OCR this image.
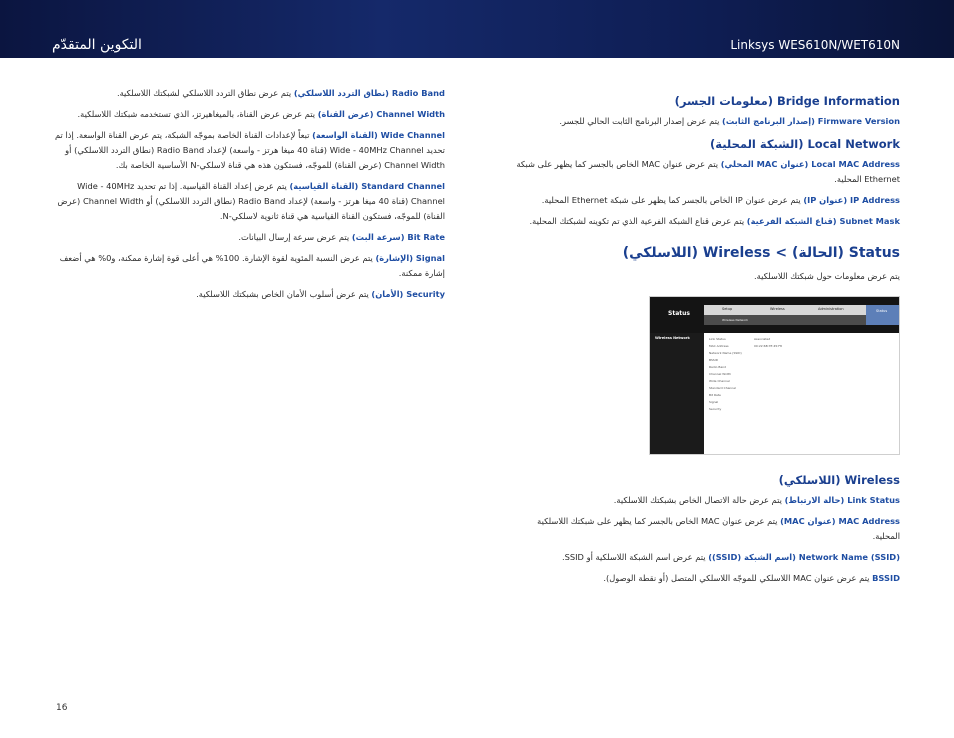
التكوين المتقدّم	Linksys WES610N/WET610N

Radio Band (نطاق التردد اللاسلكي) يتم عرض نطاق التردد اللاسلكي لشبكتك اللاسلكية.

Channel Width (عرض القناة) يتم عرض عرض القناة، بالميغاهيرتز، الذي تستخدمه شبكتك اللاسلكية.

Wide Channel (القناة الواسعة) تبعاً لإعدادات القناة الخاصة بموجّه الشبكة، يتم عرض القناة الواسعة. إذا تم تحديد Wide - 40MHz Channel (قناة 40 ميغا هرتز - واسعة) لإعداد Radio Band (نطاق التردد اللاسلكي) أو Channel Width (عرض القناة) للموجّه، فستكون هذه هي قناة لاسلكي-N الأساسية الخاصة بك.

Standard Channel (القناة القياسية) يتم عرض إعداد القناة القياسية. إذا تم تحديد Wide - 40MHz Channel (قناة 40 ميغا هرتز - واسعة) لإعداد Radio Band (نطاق التردد اللاسلكي) أو Channel Width (عرض القناة) للموجّه، فستكون القناة القياسية هي قناة ثانوية لاسلكي-N.

Bit Rate (سرعة البت) يتم عرض سرعة إرسال البيانات.

Signal (الإشارة) يتم عرض النسبة المئوية لقوة الإشارة. 100% هي أعلى قوة إشارة ممكنة، و0% هي أضعف إشارة ممكنة.

Security (الأمان) يتم عرض أسلوب الأمان الخاص بشبكتك اللاسلكية.

Bridge Information (معلومات الجسر)

Firmware Version (إصدار البرنامج الثابت) يتم عرض إصدار البرنامج الثابت الحالي للجسر.

Local Network (الشبكة المحلية)

Local MAC Address (عنوان MAC المحلي) يتم عرض عنوان MAC الخاص بالجسر كما يظهر على شبكة Ethernet المحلية.

IP Address (عنوان IP) يتم عرض عنوان IP الخاص بالجسر كما يظهر على شبكة Ethernet المحلية.

Subnet Mask (قناع الشبكة الفرعية) يتم عرض قناع الشبكة الفرعية الذي تم تكوينه لشبكتك المحلية.

Status (الحالة) > Wireless (اللاسلكي)

يتم عرض معلومات حول شبكتك اللاسلكية.

Status
Setup	Wireless	Administration
Wireless Network
Status
Wireless Network	Link Status	Associated
MAC Address	00:22:6B:7E:45:F8
Network Name (SSID)
BSSID
Radio Band
Channel Width
Wide Channel
Standard Channel
Bit Rate
Signal
Security
Wireless (اللاسلكي)

Link Status (حالة الارتباط) يتم عرض حالة الاتصال الخاص بشبكتك اللاسلكية.

MAC Address (عنوان MAC) يتم عرض عنوان MAC الخاص بالجسر كما يظهر على شبكتك اللاسلكية المحلية.

Network Name (SSID) (اسم الشبكة (SSID)) يتم عرض اسم الشبكة اللاسلكية أو SSID.

BSSID يتم عرض عنوان MAC اللاسلكي للموجّه اللاسلكي المتصل (أو نقطة الوصول).

16
